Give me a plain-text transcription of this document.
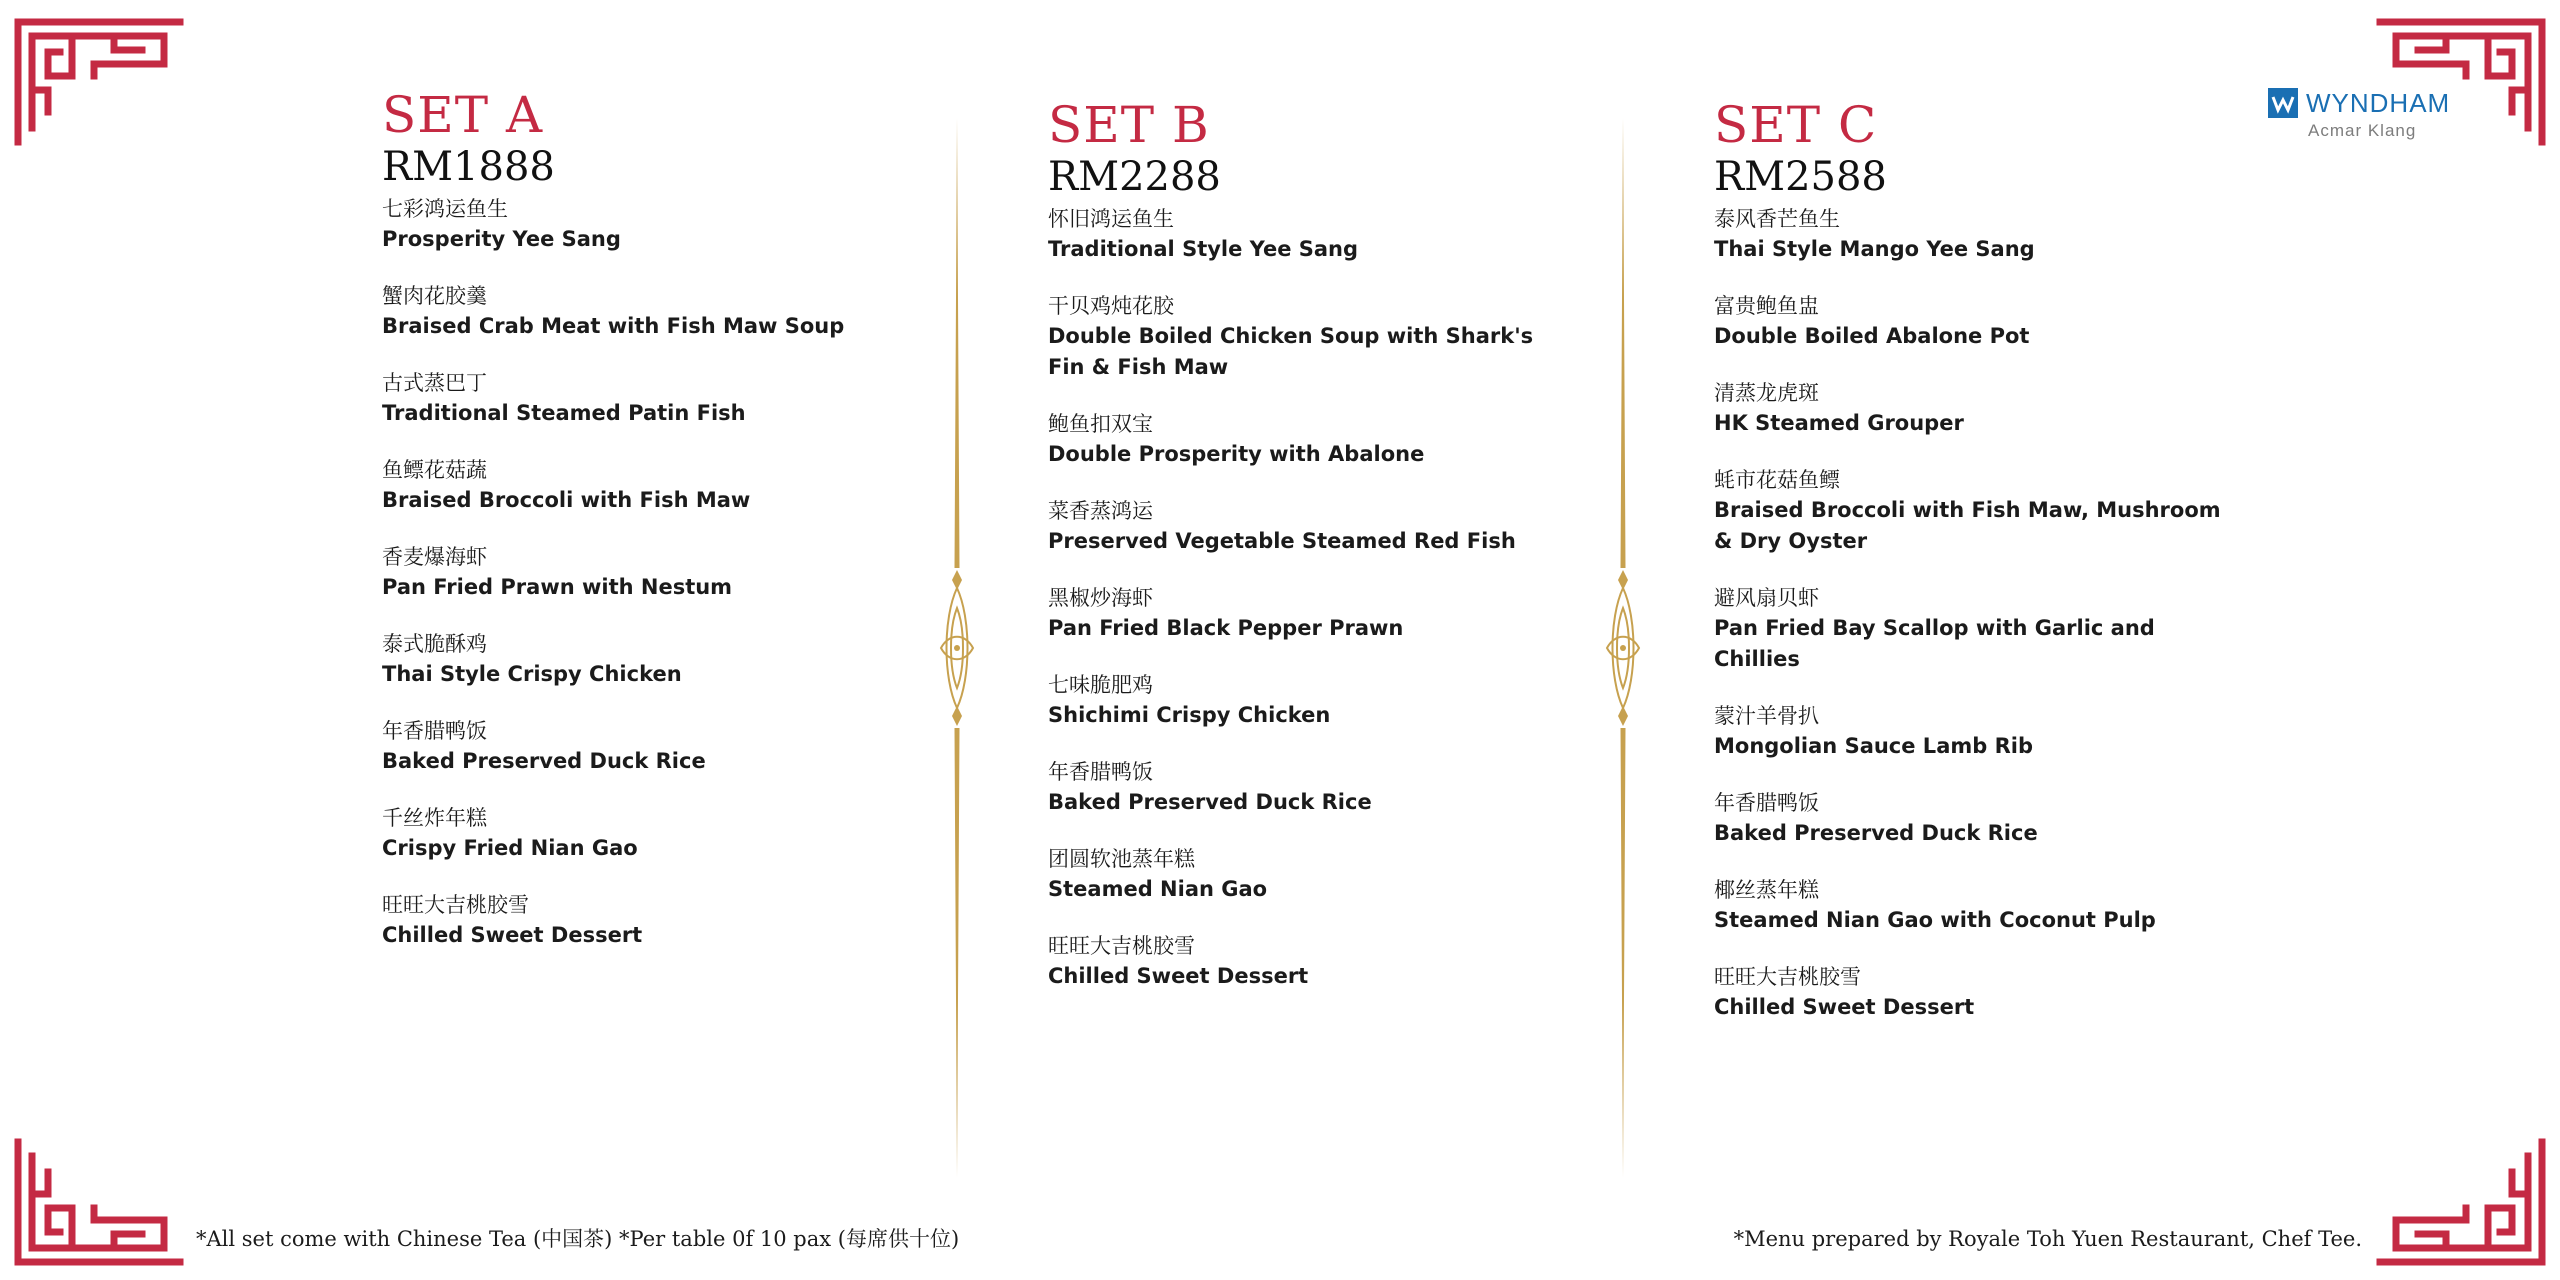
WYNDHAM
Acmar Klang
SET A
RM1888
七彩鸿运鱼生
Prosperity Yee Sang
蟹肉花胶羹
Braised Crab Meat with Fish Maw Soup
古式蒸巴丁
Traditional Steamed Patin Fish
鱼鳔花菇蔬
Braised Broccoli with Fish Maw
香麦爆海虾
Pan Fried Prawn with Nestum
泰式脆酥鸡
Thai Style Crispy Chicken
年香腊鸭饭
Baked Preserved Duck Rice
千丝炸年糕
Crispy Fried Nian Gao
旺旺大吉桃胶雪
Chilled Sweet Dessert
SET B
RM2288
怀旧鸿运鱼生
Traditional Style Yee Sang
干贝鸡炖花胶
Double Boiled Chicken Soup with Shark's Fin & Fish Maw
鲍鱼扣双宝
Double Prosperity with Abalone
菜香蒸鸿运
Preserved Vegetable Steamed Red Fish
黑椒炒海虾
Pan Fried Black Pepper Prawn
七味脆肥鸡
Shichimi Crispy Chicken
年香腊鸭饭
Baked Preserved Duck Rice
团圆软池蒸年糕
Steamed Nian Gao
旺旺大吉桃胶雪
Chilled Sweet Dessert
SET C
RM2588
泰风香芒鱼生
Thai Style Mango Yee Sang
富贵鲍鱼盅
Double Boiled Abalone Pot
清蒸龙虎斑
HK Steamed Grouper
蚝市花菇鱼鳔
Braised Broccoli with Fish Maw, Mushroom & Dry Oyster
避风扇贝虾
Pan Fried Bay Scallop with Garlic and Chillies
蒙汁羊骨扒
Mongolian Sauce Lamb Rib
年香腊鸭饭
Baked Preserved Duck Rice
椰丝蒸年糕
Steamed Nian Gao with Coconut Pulp
旺旺大吉桃胶雪
Chilled Sweet Dessert
*All set come with Chinese Tea (中国茶) *Per table 0f 10 pax (每席供十位)	*Menu prepared by Royale Toh Yuen Restaurant, Chef Tee.
